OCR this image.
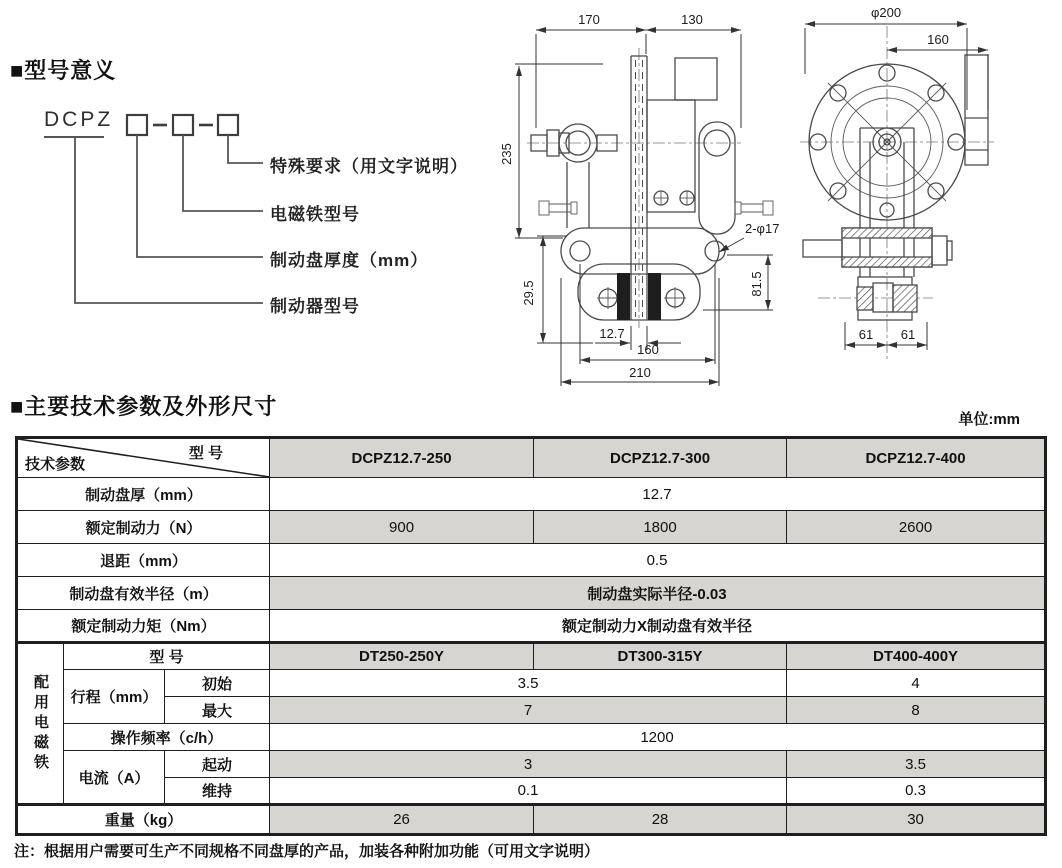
■型号意义
DCPZ
特殊要求（用文字说明）
电磁铁型号
制动盘厚度（mm）
制动器型号
170	130
235
29.5
12.7
160
210
81.5
2-φ17
φ200
160
61 61
■主要技术参数及外形尺寸
单位:mm
型 号
技术参数			DCPZ12.7-250	DCPZ12.7-300	DCPZ12.7-400
制动盘厚（mm）			12.7		
额定制动力（N）			900	1800	2600
退距（mm）			0.5		
制动盘有效半径（m）			制动盘实际半径-0.03		
额定制动力矩（Nm）			额定制动力X制动盘有效半径		
配用电磁铁	型 号		DT250-250Y	DT300-315Y	DT400-400Y
	行程（mm）	初始	3.5		4
		最大	7		8
	操作频率（c/h）		1200		
	电流（A）	起动	3		3.5
		维持	0.1		0.3
重量（kg）			26	28	30
注：根据用户需要可生产不同规格不同盘厚的产品，加装各种附加功能（可用文字说明）
